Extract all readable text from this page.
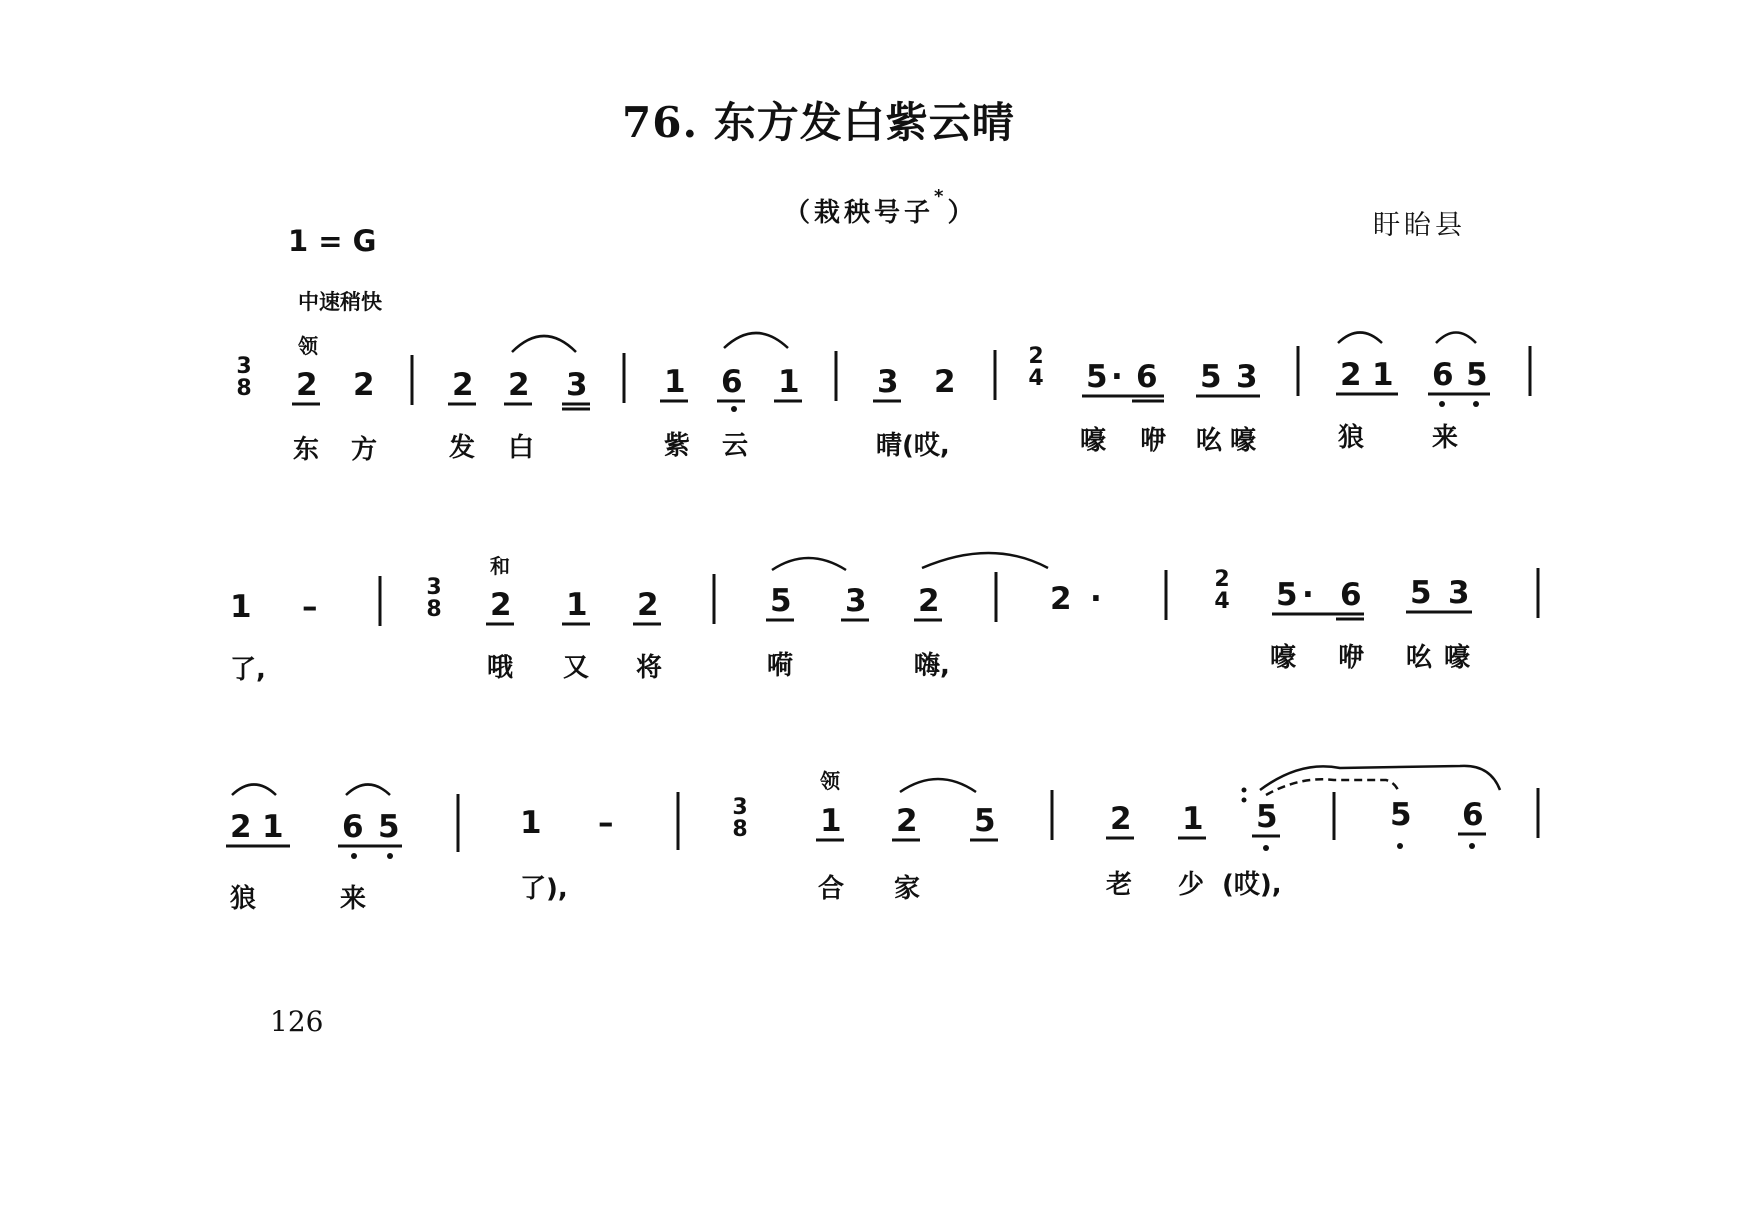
76. 东方发白紫云晴
（栽秧号子*）	盱眙县
1 = G
中速稍快
领
和
领
3
8
2
4
3
8
2
4
3
8
2 2 2 2 3 1 6 1 3 2	5 · 6 5 3	2 1 6 5
东 方	发 白	紫 云	晴(哎,	嚎 咿 吆 嚎	狼	来
1 –	2 1 2	5 3 2	2 ·	5 · 6 5 3
了,	哦 又 将	嗬	嗨,	嚎 咿 吆 嚎
2 1 6 5	1 –	1 2 5	2 1 5	5 6
狼	来	了),	合 家	老 少 (哎),
126
